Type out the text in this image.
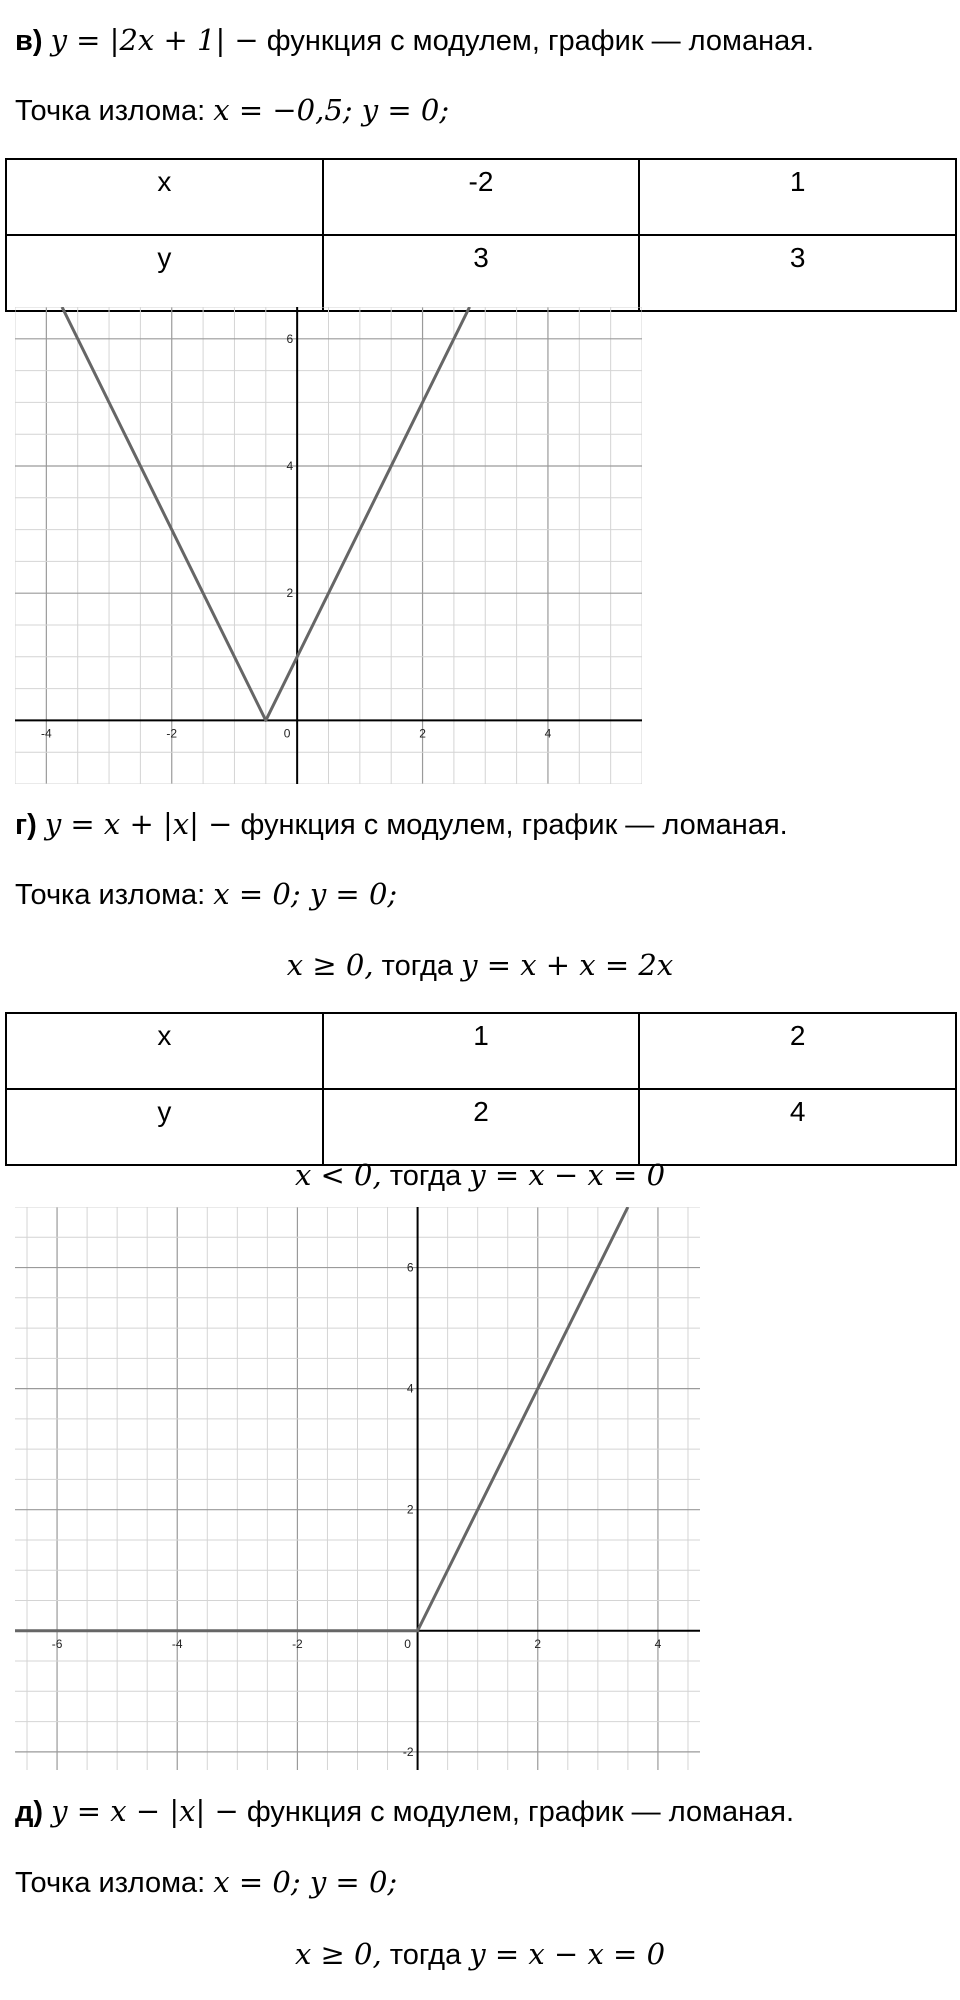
в) y = |2x + 1| − функция с модулем, график — ломаная.
Точка излома: x = −0,5; y = 0;
x	-2	1
y	3	3
-4	-2	0	2	4
2
4
6
г) y = x + |x| − функция с модулем, график — ломаная.
Точка излома: x = 0; y = 0;
x ≥ 0, тогда y = x + x = 2x
x	1	2
y	2	4
x < 0, тогда y = x − x = 0
-6	-4	-2	0	2	4
-2
2
4
6
д) y = x − |x| − функция с модулем, график — ломаная.
Точка излома: x = 0; y = 0;
x ≥ 0, тогда y = x − x = 0
